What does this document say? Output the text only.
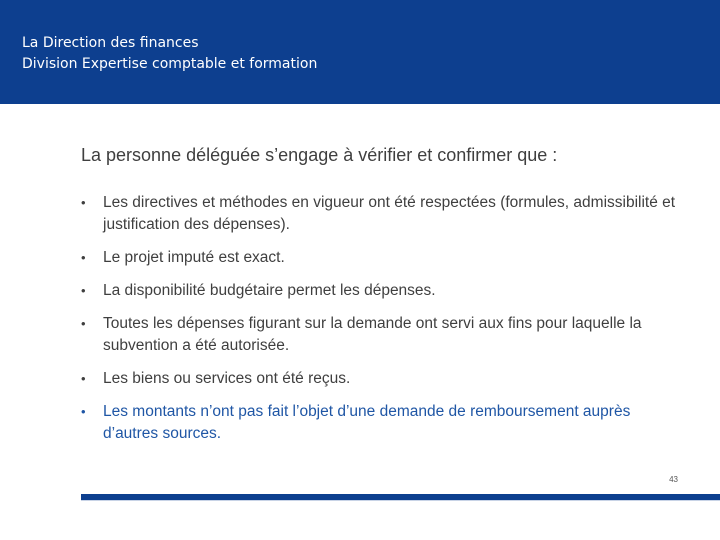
La Direction des finances
Division Expertise comptable et formation
La personne déléguée s’engage à vérifier et confirmer que :
• Les directives et méthodes en vigueur ont été respectées (formules, admissibilité et justification des dépenses).
• Le projet imputé est exact.
• La disponibilité budgétaire permet les dépenses.
• Toutes les dépenses figurant sur la demande ont servi aux fins pour laquelle la subvention a été autorisée.
• Les biens ou services ont été reçus.
• Les montants n’ont pas fait l’objet d’une demande de remboursement auprès d’autres sources.
43
